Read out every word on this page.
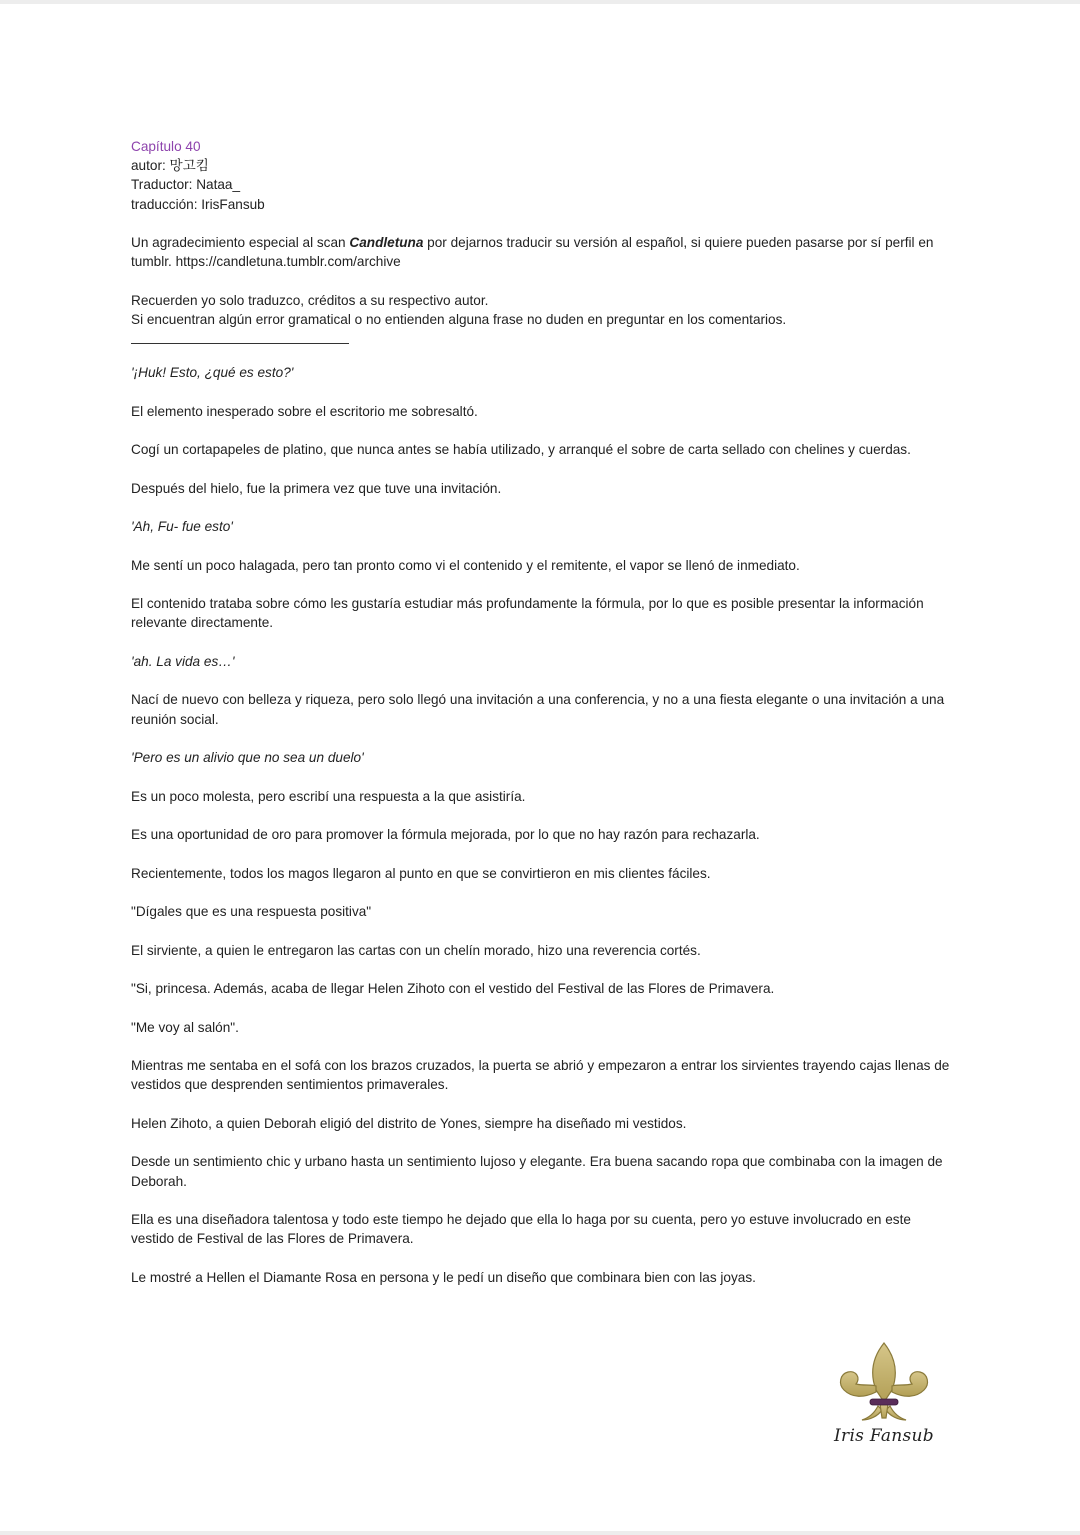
Capítulo 40

autor: 망고킴

Traductor: Nataa_

traducción: IrisFansub

Un agradecimiento especial al scan Candletuna por dejarnos traducir su versión al español, si quiere pueden pasarse por sí perfil en tumblr. https://candletuna.tumblr.com/archive

Recuerden yo solo traduzco, créditos a su respectivo autor.

Si encuentran algún error gramatical o no entienden alguna frase no duden en preguntar en los comentarios.

'¡Huk! Esto, ¿qué es esto?'

El elemento inesperado sobre el escritorio me sobresaltó.

Cogí un cortapapeles de platino, que nunca antes se había utilizado, y arranqué el sobre de carta sellado con chelines y cuerdas.

Después del hielo, fue la primera vez que tuve una invitación.

'Ah, Fu- fue esto'

Me sentí un poco halagada, pero tan pronto como vi el contenido y el remitente, el vapor se llenó de inmediato.

El contenido trataba sobre cómo les gustaría estudiar más profundamente la fórmula, por lo que es posible presentar la información relevante directamente.

'ah. La vida es…'

Nací de nuevo con belleza y riqueza, pero solo llegó una invitación a una conferencia, y no a una fiesta elegante o una invitación a una reunión social.

'Pero es un alivio que no sea un duelo'

Es un poco molesta, pero escribí una respuesta a la que asistiría.

Es una oportunidad de oro para promover la fórmula mejorada, por lo que no hay razón para rechazarla.

Recientemente, todos los magos llegaron al punto en que se convirtieron en mis clientes fáciles.

"Dígales que es una respuesta positiva"

El sirviente, a quien le entregaron las cartas con un chelín morado, hizo una reverencia cortés.

"Si, princesa. Además, acaba de llegar Helen Zihoto con el vestido del Festival de las Flores de Primavera.

"Me voy al salón".

Mientras me sentaba en el sofá con los brazos cruzados, la puerta se abrió y empezaron a entrar los sirvientes trayendo cajas llenas de vestidos que desprenden sentimientos primaverales.

Helen Zihoto, a quien Deborah eligió del distrito de Yones, siempre ha diseñado mi vestidos.

Desde un sentimiento chic y urbano hasta un sentimiento lujoso y elegante. Era buena sacando ropa que combinaba con la imagen de Deborah.

Ella es una diseñadora talentosa y todo este tiempo he dejado que ella lo haga por su cuenta, pero yo estuve involucrado en este vestido de Festival de las Flores de Primavera.

Le mostré a Hellen el Diamante Rosa en persona y le pedí un diseño que combinara bien con las joyas.

Iris Fansub
